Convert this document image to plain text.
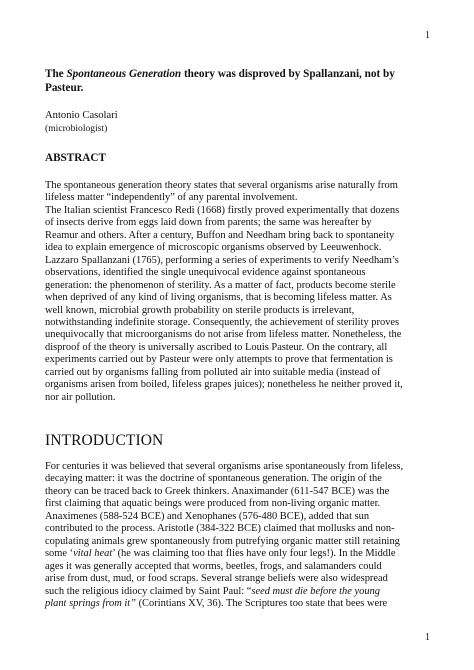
1
The Spontaneous Generation theory was disproved by Spallanzani, not by
Pasteur.
Antonio Casolari
(microbiologist)
ABSTRACT
The spontaneous generation theory states that several organisms arise naturally from
lifeless matter “independently” of any parental involvement.
The Italian scientist Francesco Redi (1668) firstly proved experimentally that dozens
of insects derive from eggs laid down from parents; the same was hereafter by
Reamur and others. After a century, Buffon and Needham bring back to spontaneity
idea to explain emergence of microscopic organisms observed by Leeuwenhock.
Lazzaro Spallanzani (1765), performing a series of experiments to verify Needham’s
observations, identified the single unequivocal evidence against spontaneous
generation: the phenomenon of sterility. As a matter of fact, products become sterile
when deprived of any kind of living organisms, that is becoming lifeless matter. As
well known, microbial growth probability on sterile products is irrelevant,
notwithstanding indefinite storage. Consequently, the achievement of sterility proves
unequivocally that microorganisms do not arise from lifeless matter. Nonetheless, the
disproof of the theory is universally ascribed to Louis Pasteur. On the contrary, all
experiments carried out by Pasteur were only attempts to prove that fermentation is
carried out by organisms falling from polluted air into suitable media (instead of
organisms arisen from boiled, lifeless grapes juices); nonetheless he neither proved it,
nor air pollution.
INTRODUCTION
For centuries it was believed that several organisms arise spontaneously from lifeless,
decaying matter: it was the doctrine of spontaneous generation. The origin of the
theory can be traced back to Greek thinkers. Anaximander (611-547 BCE) was the
first claiming that aquatic beings were produced from non-living organic matter.
Anaximenes (588-524 BCE) and Xenophanes (576-480 BCE), added that sun
contributed to the process. Aristotle (384-322 BCE) claimed that mollusks and non-
copulating animals grew spontaneously from putrefying organic matter still retaining
some ‘vital heat’ (he was claiming too that flies have only four legs!). In the Middle
ages it was generally accepted that worms, beetles, frogs, and salamanders could
arise from dust, mud, or food scraps. Several strange beliefs were also widespread
such the religious idiocy claimed by Saint Paul: “seed must die before the young
plant springs from it” (Corintians XV, 36). The Scriptures too state that bees were
1
